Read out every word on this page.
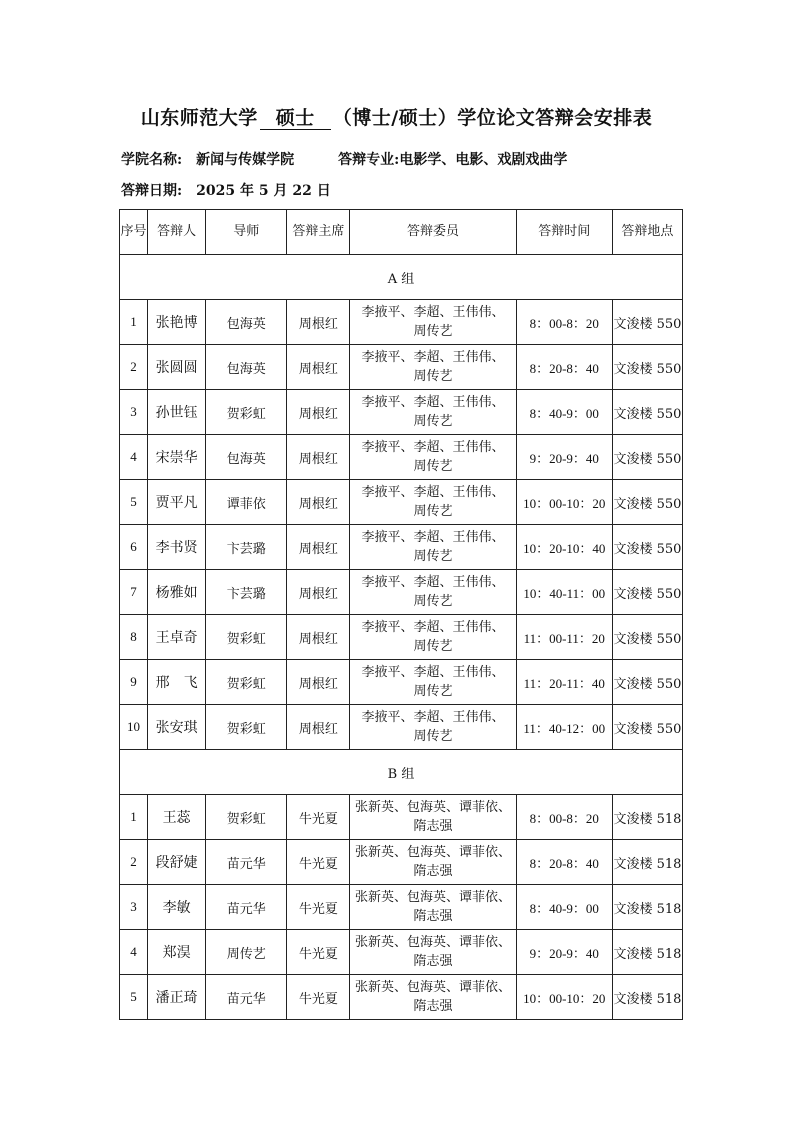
山东师范大学 硕士 （博士/硕士）学位论文答辩会安排表
学院名称: 新闻与传媒学院	答辩专业:电影学、电影、戏剧戏曲学
答辩日期: 2025 年 5 月 22 日
序号	答辩人	导师	答辩主席	答辩委员	答辩时间	答辩地点
A 组						
1	张艳博	包海英	周根红	李掖平、李超、王伟伟、
周传艺	8：00-8：20	文浚楼 550
2	张圆圆	包海英	周根红	李掖平、李超、王伟伟、
周传艺	8：20-8：40	文浚楼 550
3	孙世钰	贺彩虹	周根红	李掖平、李超、王伟伟、
周传艺	8：40-9：00	文浚楼 550
4	宋崇华	包海英	周根红	李掖平、李超、王伟伟、
周传艺	9：20-9：40	文浚楼 550
5	贾平凡	谭菲依	周根红	李掖平、李超、王伟伟、
周传艺	10：00-10：20	文浚楼 550
6	李书贤	卞芸璐	周根红	李掖平、李超、王伟伟、
周传艺	10：20-10：40	文浚楼 550
7	杨雅如	卞芸璐	周根红	李掖平、李超、王伟伟、
周传艺	10：40-11：00	文浚楼 550
8	王卓奇	贺彩虹	周根红	李掖平、李超、王伟伟、
周传艺	11：00-11：20	文浚楼 550
9	邢　飞	贺彩虹	周根红	李掖平、李超、王伟伟、
周传艺	11：20-11：40	文浚楼 550
10	张安琪	贺彩虹	周根红	李掖平、李超、王伟伟、
周传艺	11：40-12：00	文浚楼 550
B 组						
1	王蕊	贺彩虹	牛光夏	张新英、包海英、谭菲依、
隋志强	8：00-8：20	文浚楼 518
2	段舒婕	苗元华	牛光夏	张新英、包海英、谭菲依、
隋志强	8：20-8：40	文浚楼 518
3	李敏	苗元华	牛光夏	张新英、包海英、谭菲依、
隋志强	8：40-9：00	文浚楼 518
4	郑淏	周传艺	牛光夏	张新英、包海英、谭菲依、
隋志强	9：20-9：40	文浚楼 518
5	潘正琦	苗元华	牛光夏	张新英、包海英、谭菲依、
隋志强	10：00-10：20	文浚楼 518
